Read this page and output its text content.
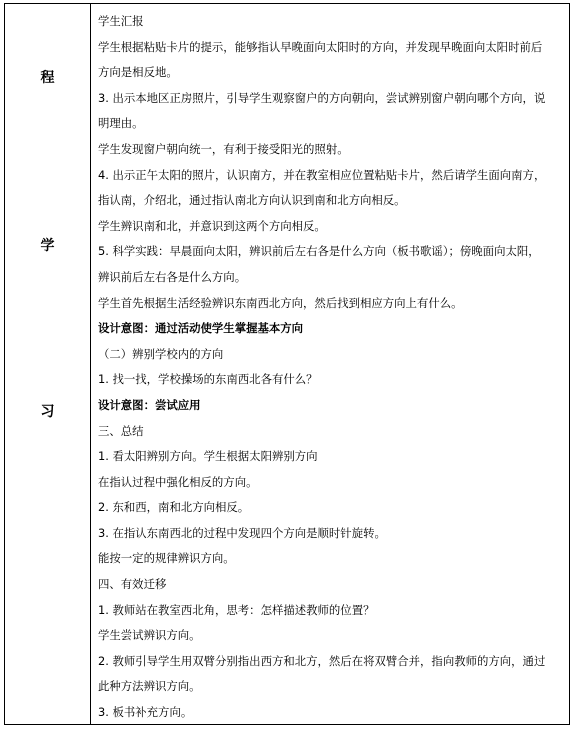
程
学
习
学生汇报
学生根据粘贴卡片的提示，能够指认早晚面向太阳时的方向，并发现早晚面向太阳时前后
方向是相反地。
3. 出示本地区正房照片，引导学生观察窗户的方向朝向，尝试辨别窗户朝向哪个方向，说
明理由。
学生发现窗户朝向统一，有利于接受阳光的照射。
4. 出示正午太阳的照片，认识南方，并在教室相应位置粘贴卡片，然后请学生面向南方，
指认南，介绍北，通过指认南北方向认识到南和北方向相反。
学生辨识南和北，并意识到这两个方向相反。
5. 科学实践：早晨面向太阳，辨识前后左右各是什么方向（板书歌谣）；傍晚面向太阳，
辨识前后左右各是什么方向。
学生首先根据生活经验辨识东南西北方向，然后找到相应方向上有什么。
设计意图：通过活动使学生掌握基本方向
（二）辨别学校内的方向
1. 找一找，学校操场的东南西北各有什么？
设计意图：尝试应用
三、总结
1. 看太阳辨别方向。学生根据太阳辨别方向
在指认过程中强化相反的方向。
2. 东和西，南和北方向相反。
3. 在指认东南西北的过程中发现四个方向是顺时针旋转。
能按一定的规律辨识方向。
四、有效迁移
1. 教师站在教室西北角，思考：怎样描述教师的位置？
学生尝试辨识方向。
2. 教师引导学生用双臂分别指出西方和北方，然后在将双臂合并，指向教师的方向，通过
此种方法辨识方向。
3. 板书补充方向。
